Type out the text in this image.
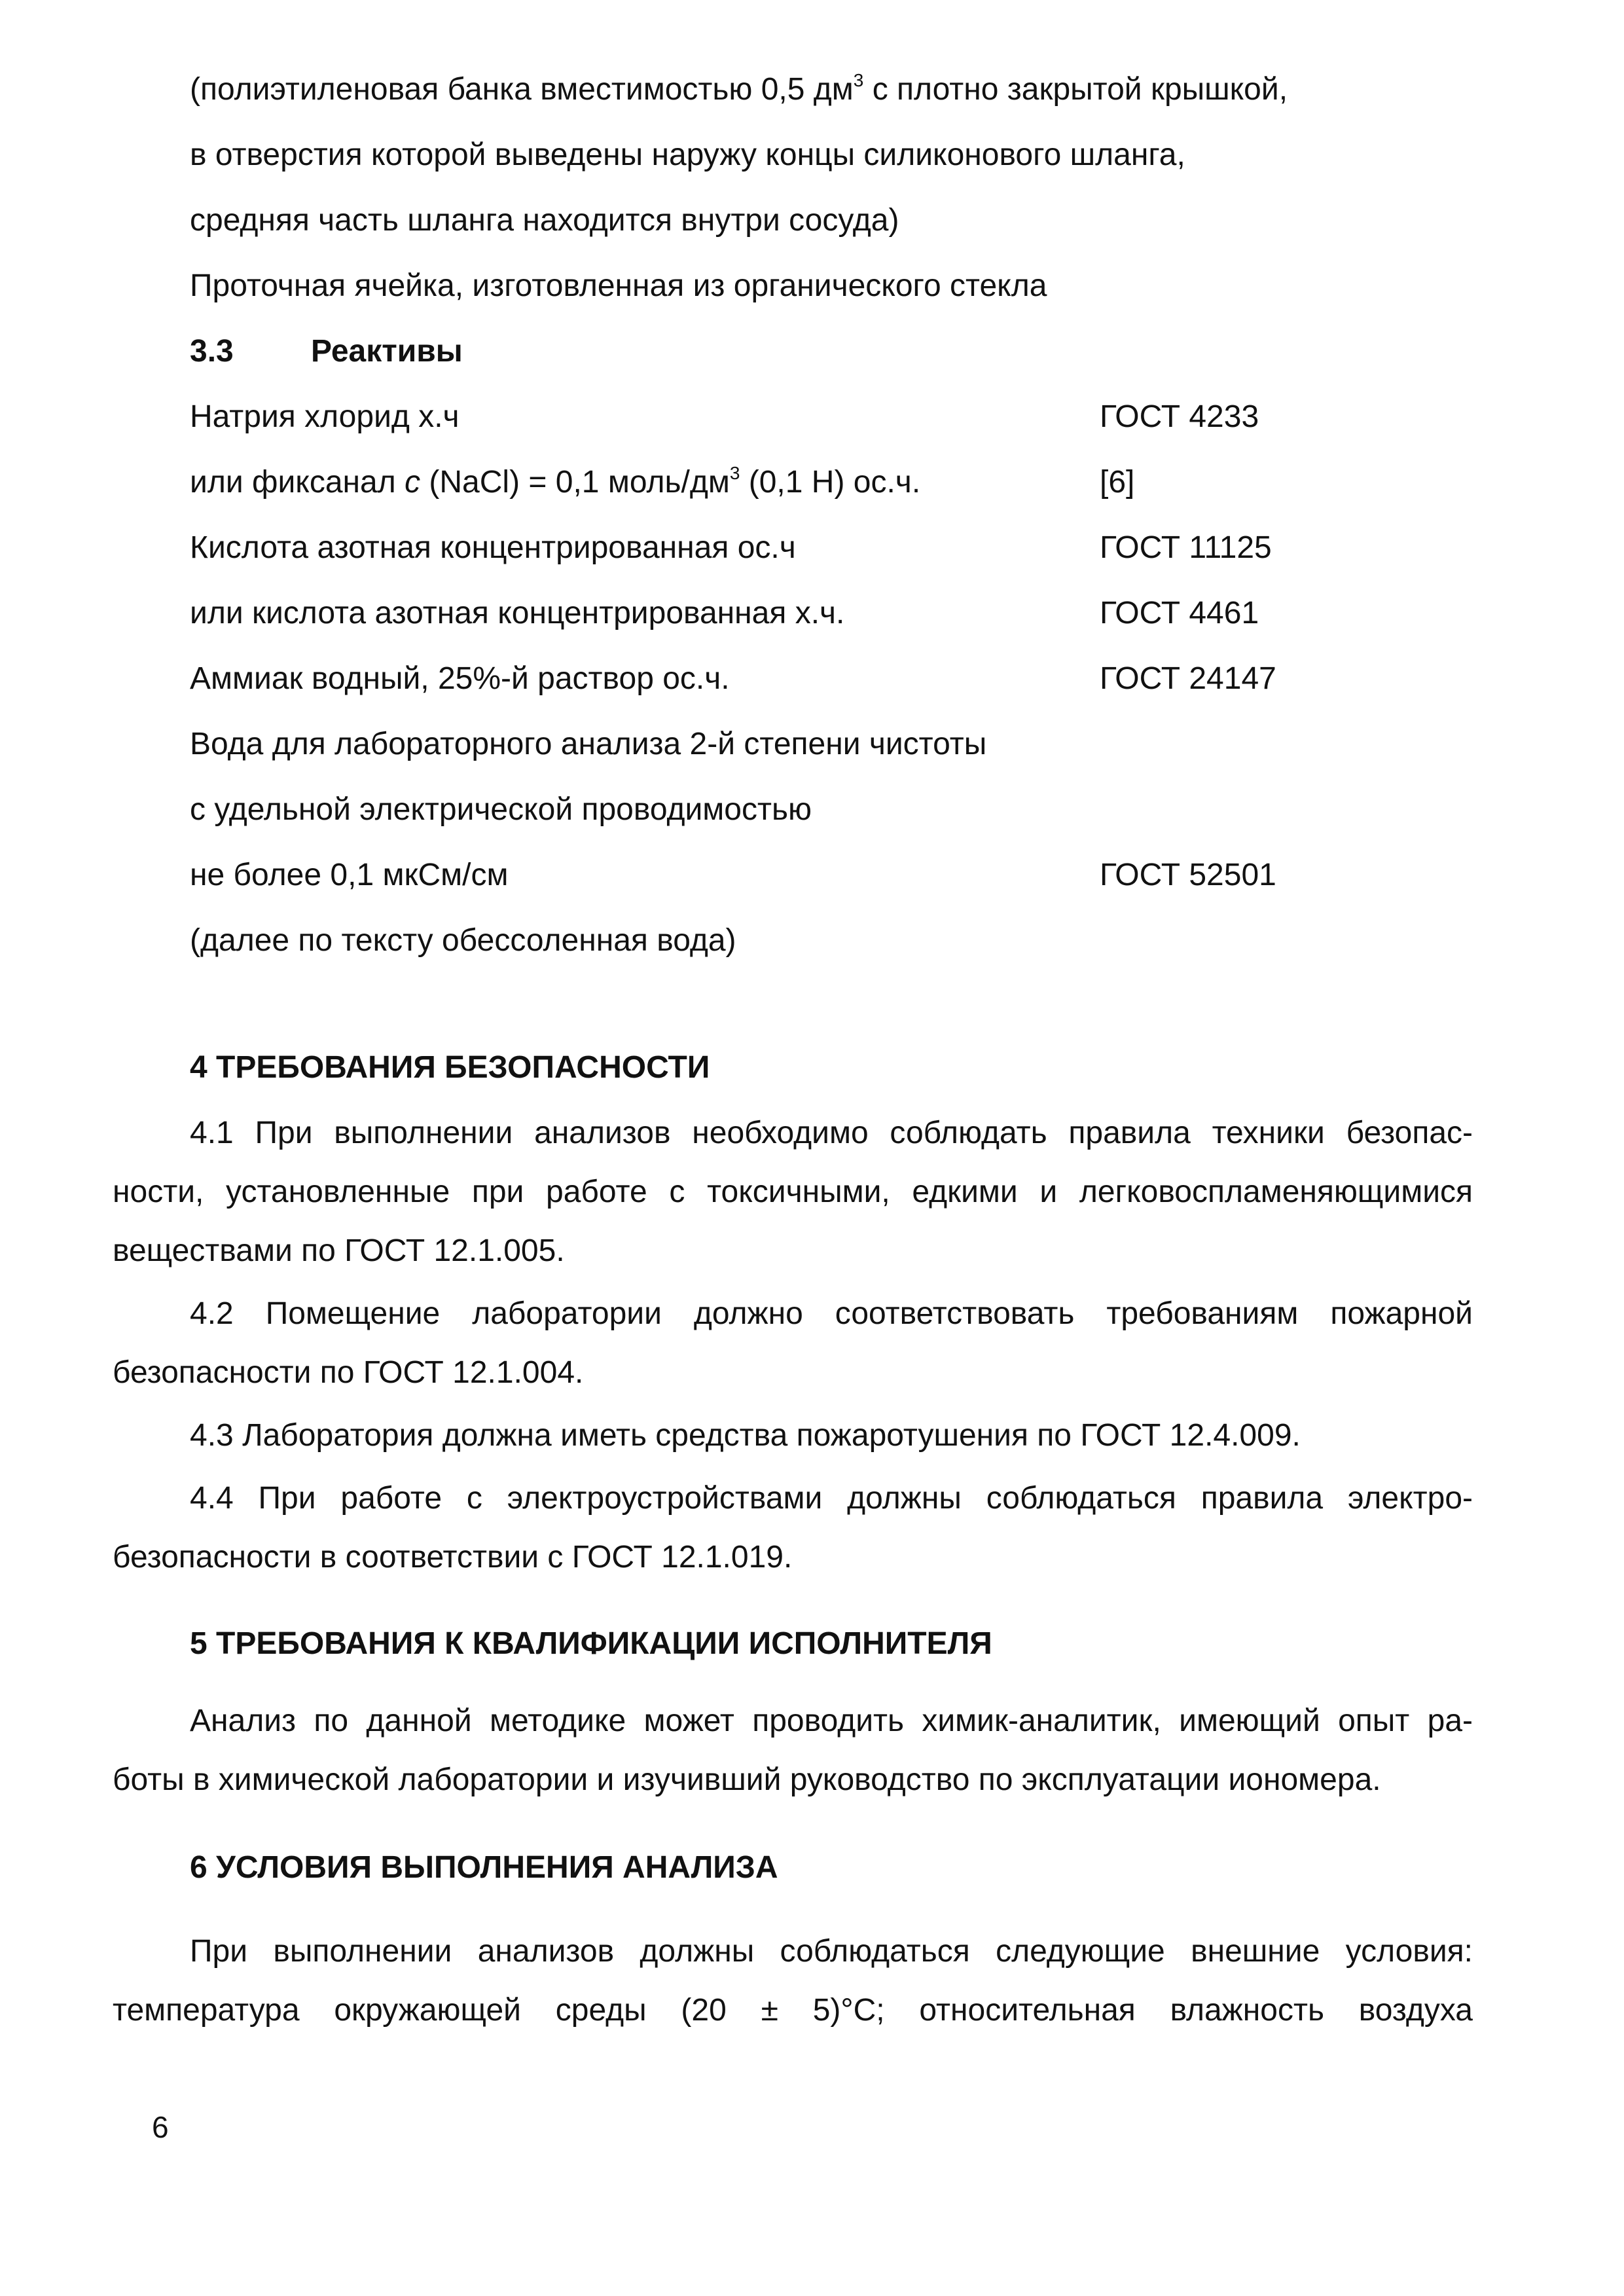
(полиэтиленовая банка вместимостью 0,5 $дм^3$ с плотно закрытой крышкой,
в отверстия которой выведены наружу концы силиконового шланга,
средняя часть шланга находится внутри сосуда)
Проточная ячейка, изготовленная из органического стекла
3.3 Реактивы
Натрия хлорид х.ч	ГОСТ 4233
или фиксанал с (NaCl) = 0,1 моль/$дм^3$ (0,1 Н) ос.ч.	[6]
Кислота азотная концентрированная ос.ч	ГОСТ 11125
или кислота азотная концентрированная х.ч.	ГОСТ 4461
Аммиак водный, 25%-й раствор ос.ч.	ГОСТ 24147
Вода для лабораторного анализа 2-й степени чистоты
с удельной электрической проводимостью
не более 0,1 мкСм/см	ГОСТ 52501
(далее по тексту обессоленная вода)
4 ТРЕБОВАНИЯ БЕЗОПАСНОСТИ
4.1 При выполнении анализов необходимо соблюдать правила техники безопас-
ности, установленные при работе с токсичными, едкими и легковоспламеняющимися
веществами по ГОСТ 12.1.005.
4.2 Помещение лаборатории должно соответствовать требованиям пожарной
безопасности по ГОСТ 12.1.004.
4.3 Лаборатория должна иметь средства пожаротушения по ГОСТ 12.4.009.
4.4 При работе с электроустройствами должны соблюдаться правила электро-
безопасности в соответствии с ГОСТ 12.1.019.
5 ТРЕБОВАНИЯ К КВАЛИФИКАЦИИ ИСПОЛНИТЕЛЯ
Анализ по данной методике может проводить химик-аналитик, имеющий опыт ра-
боты в химической лаборатории и изучивший руководство по эксплуатации иономера.
6 УСЛОВИЯ ВЫПОЛНЕНИЯ АНАЛИЗА
При выполнении анализов должны соблюдаться следующие внешние условия:
температура окружающей среды (20 ± 5)°С; относительная влажность воздуха
6
